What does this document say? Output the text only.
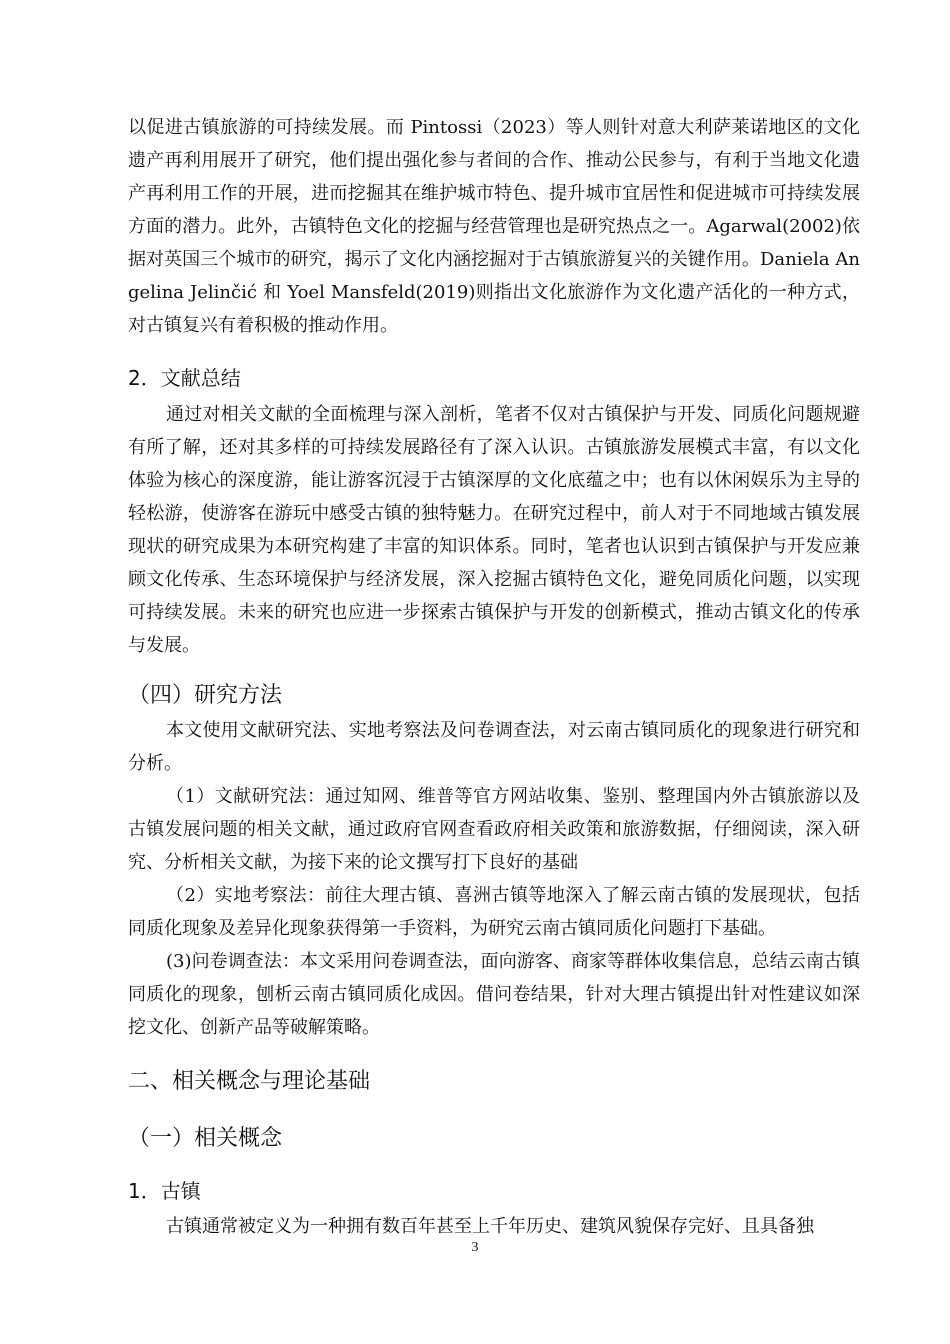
以促进古镇旅游的可持续发展。而 Pintossi（2023）等人则针对意大利萨莱诺地区的文化遗产再利用展开了研究，他们提出强化参与者间的合作、推动公民参与，有利于当地文化遗产再利用工作的开展，进而挖掘其在维护城市特色、提升城市宜居性和促进城市可持续发展方面的潜力。此外，古镇特色文化的挖掘与经营管理也是研究热点之一。Agarwal(2002)依据对英国三个城市的研究，揭示了文化内涵挖掘对于古镇旅游复兴的关键作用。Daniela Angelina Jelinčić 和 Yoel Mansfeld(2019)则指出文化旅游作为文化遗产活化的一种方式，对古镇复兴有着积极的推动作用。

2．文献总结

通过对相关文献的全面梳理与深入剖析，笔者不仅对古镇保护与开发、同质化问题规避有所了解，还对其多样的可持续发展路径有了深入认识。古镇旅游发展模式丰富，有以文化体验为核心的深度游，能让游客沉浸于古镇深厚的文化底蕴之中；也有以休闲娱乐为主导的轻松游，使游客在游玩中感受古镇的独特魅力。在研究过程中，前人对于不同地域古镇发展现状的研究成果为本研究构建了丰富的知识体系。同时，笔者也认识到古镇保护与开发应兼顾文化传承、生态环境保护与经济发展，深入挖掘古镇特色文化，避免同质化问题，以实现可持续发展。未来的研究也应进一步探索古镇保护与开发的创新模式，推动古镇文化的传承与发展。

（四）研究方法

本文使用文献研究法、实地考察法及问卷调查法，对云南古镇同质化的现象进行研究和分析。

（1）文献研究法：通过知网、维普等官方网站收集、鉴别、整理国内外古镇旅游以及古镇发展问题的相关文献，通过政府官网查看政府相关政策和旅游数据，仔细阅读，深入研究、分析相关文献，为接下来的论文撰写打下良好的基础

（2）实地考察法：前往大理古镇、喜洲古镇等地深入了解云南古镇的发展现状，包括同质化现象及差异化现象获得第一手资料，为研究云南古镇同质化问题打下基础。

(3)问卷调查法：本文采用问卷调查法，面向游客、商家等群体收集信息，总结云南古镇同质化的现象，刨析云南古镇同质化成因。借问卷结果，针对大理古镇提出针对性建议如深挖文化、创新产品等破解策略。

二、相关概念与理论基础
（一）相关概念
1．古镇

古镇通常被定义为一种拥有数百年甚至上千年历史、建筑风貌保存完好、且具备独

3
